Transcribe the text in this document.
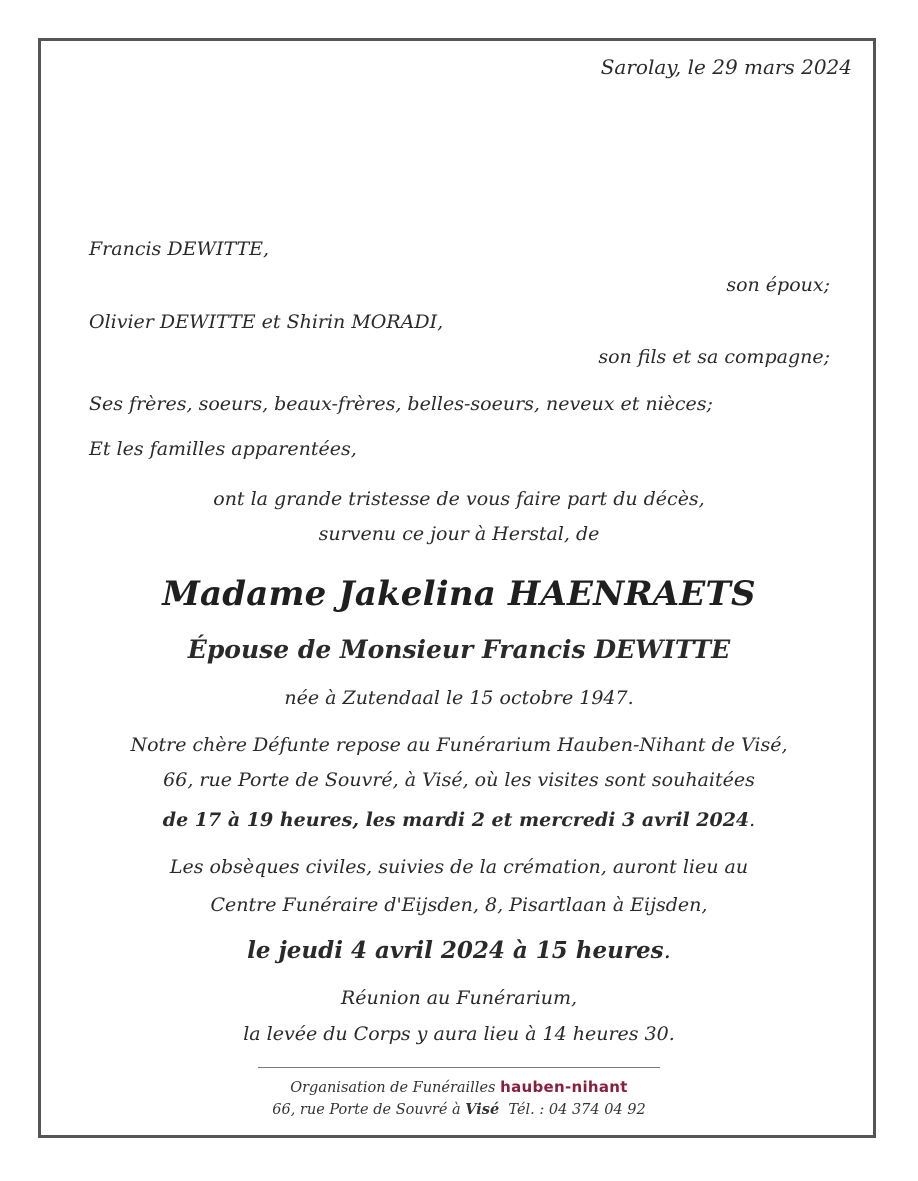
Sarolay, le 29 mars 2024
Francis DEWITTE,
son époux;
Olivier DEWITTE et Shirin MORADI,
son fils et sa compagne;
Ses frères, soeurs, beaux-frères, belles-soeurs, neveux et nièces;
Et les familles apparentées,
ont la grande tristesse de vous faire part du décès,
survenu ce jour à Herstal, de
Madame Jakelina HAENRAETS
Épouse de Monsieur Francis DEWITTE
née à Zutendaal le 15 octobre 1947.
Notre chère Défunte repose au Funérarium Hauben-Nihant de Visé,
66, rue Porte de Souvré, à Visé, où les visites sont souhaitées
de 17 à 19 heures, les mardi 2 et mercredi 3 avril 2024.
Les obsèques civiles, suivies de la crémation, auront lieu au
Centre Funéraire d'Eijsden, 8, Pisartlaan à Eijsden,
le jeudi 4 avril 2024 à 15 heures.
Réunion au Funérarium,
la levée du Corps y aura lieu à 14 heures 30.
Organisation de Funérailles hauben-nihant
66, rue Porte de Souvré à Visé Tél. : 04 374 04 92
